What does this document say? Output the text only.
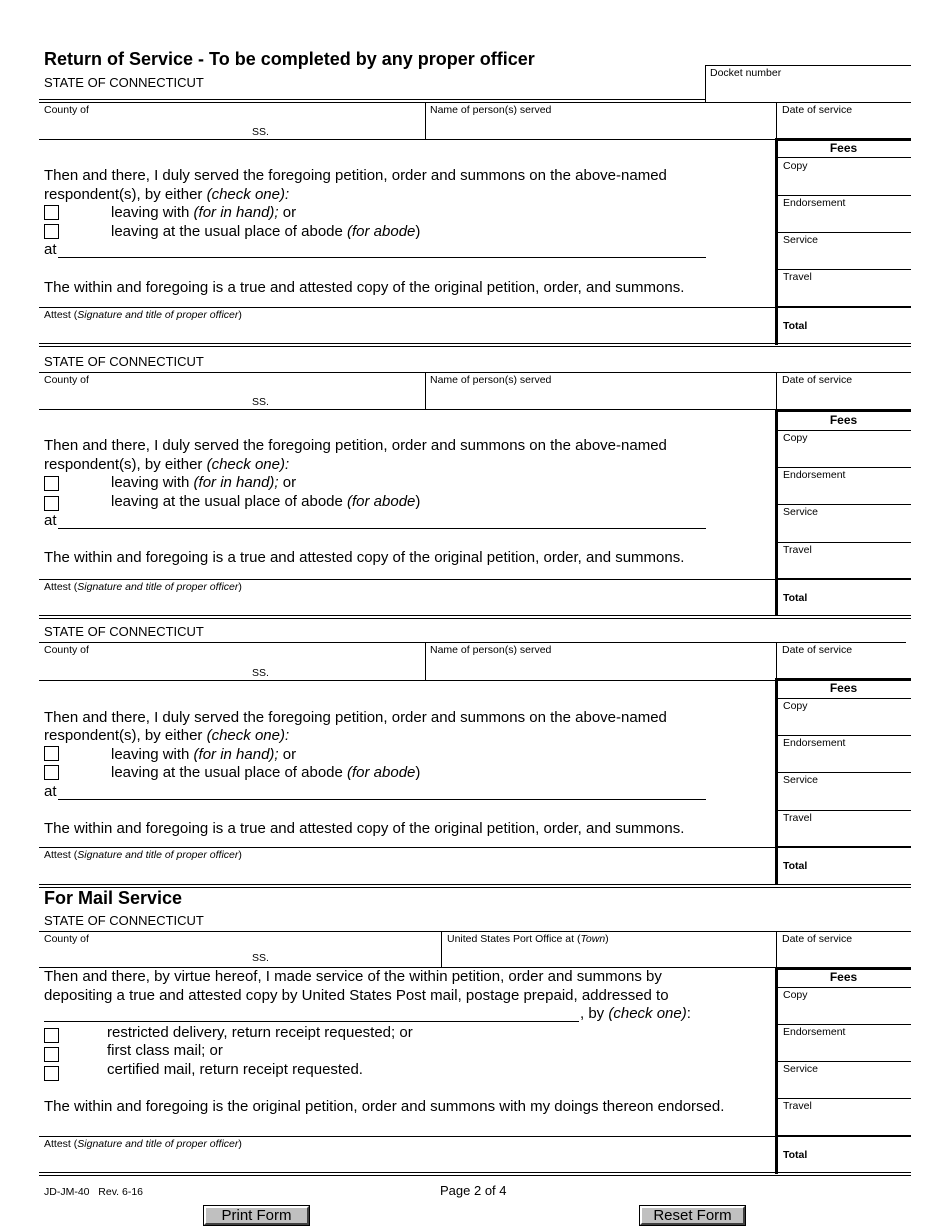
Return of Service - To be completed by any proper officer
STATE OF CONNECTICUT
Docket number
County of
SS.
Name of person(s) served	Date of service
Then and there, I duly served the foregoing petition, order and summons on the above-named
respondent(s), by either (check one):
leaving with (for in hand); or
leaving at the usual place of abode (for abode)
at
The within and foregoing is a true and attested copy of the original petition, order, and summons.
Attest (Signature and title of proper officer)
Fees
Copy
Endorsement
Service
Travel
Total
STATE OF CONNECTICUT
County of
SS.
Name of person(s) served	Date of service
Then and there, I duly served the foregoing petition, order and summons on the above-named
respondent(s), by either (check one):
leaving with (for in hand); or
leaving at the usual place of abode (for abode)
at
The within and foregoing is a true and attested copy of the original petition, order, and summons.
Attest (Signature and title of proper officer)
Fees
Copy
Endorsement
Service
Travel
Total
STATE OF CONNECTICUT
County of
SS.
Name of person(s) served	Date of service
Then and there, I duly served the foregoing petition, order and summons on the above-named
respondent(s), by either (check one):
leaving with (for in hand); or
leaving at the usual place of abode (for abode)
at
The within and foregoing is a true and attested copy of the original petition, order, and summons.
Attest (Signature and title of proper officer)
Fees
Copy
Endorsement
Service
Travel
Total
For Mail Service
STATE OF CONNECTICUT
County of
SS.
United States Port Office at (Town)	Date of service
Then and there, by virtue hereof, I made service of the within petition, order and summons by
depositing a true and attested copy by United States Post mail, postage prepaid, addressed to
, by (check one):
restricted delivery, return receipt requested; or
first class mail; or
certified mail, return receipt requested.
The within and foregoing is the original petition, order and summons with my doings thereon endorsed.
Attest (Signature and title of proper officer)
Fees
Copy
Endorsement
Service
Travel
Total
JD-JM-40 Rev. 6-16	Page 2 of 4
Print Form	Reset Form
